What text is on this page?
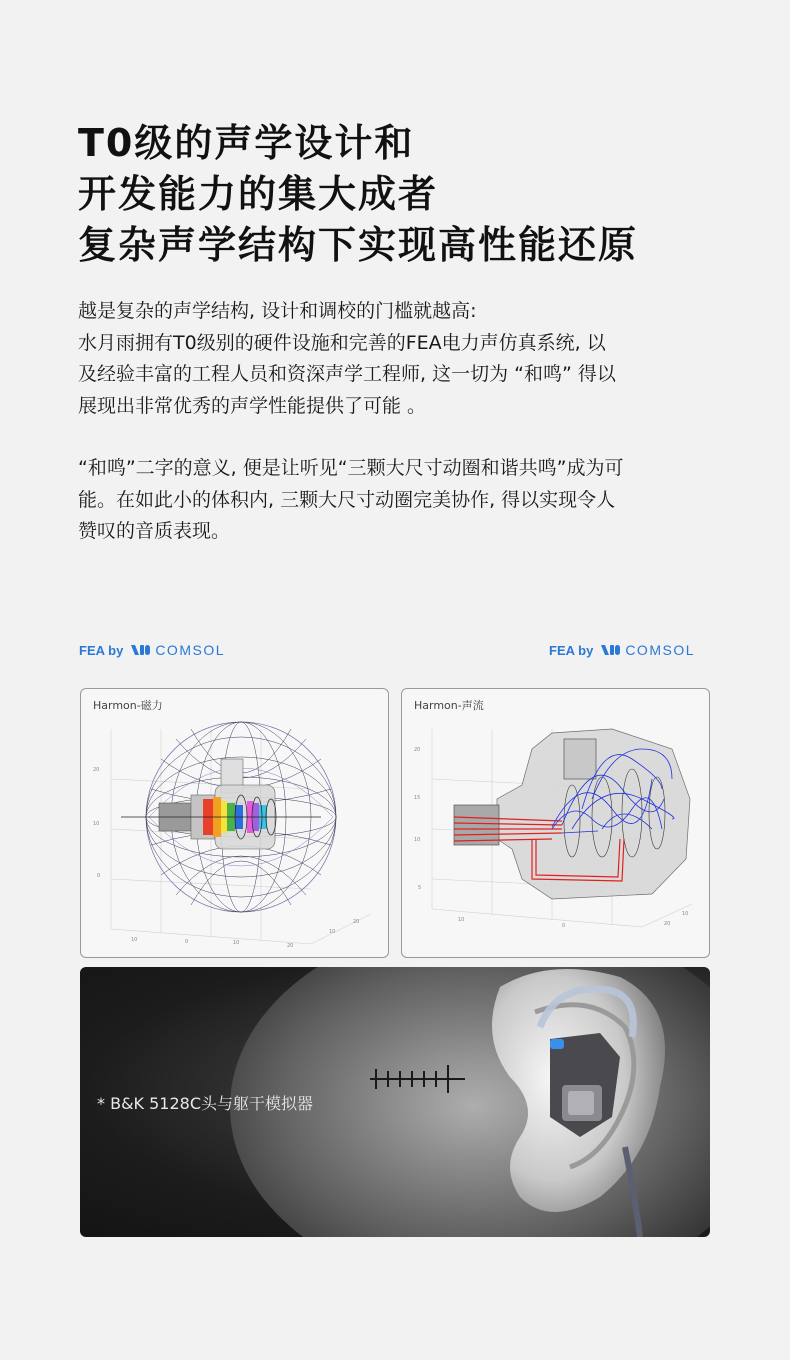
T0级的声学设计和
开发能力的集大成者
复杂声学结构下实现高性能还原
越是复杂的声学结构, 设计和调校的门槛就越高:
水月雨拥有T0级别的硬件设施和完善的FEA电力声仿真系统, 以
及经验丰富的工程人员和资深声学工程师, 这一切为 “和鸣” 得以
展现出非常优秀的声学性能提供了可能 。
“和鸣”二字的意义, 便是让听见“三颗大尺寸动圈和谐共鸣”成为可
能。在如此小的体积内, 三颗大尺寸动圈完美协作, 得以实现令人
赞叹的音质表现。
FEA by COMSOL	FEA by COMSOL
20
10
0
10	0	10	20
10
20
Harmon-磁力
20
15
10
5
10
0	20
10
Harmon-声流
* B&K 5128C头与躯干模拟器
